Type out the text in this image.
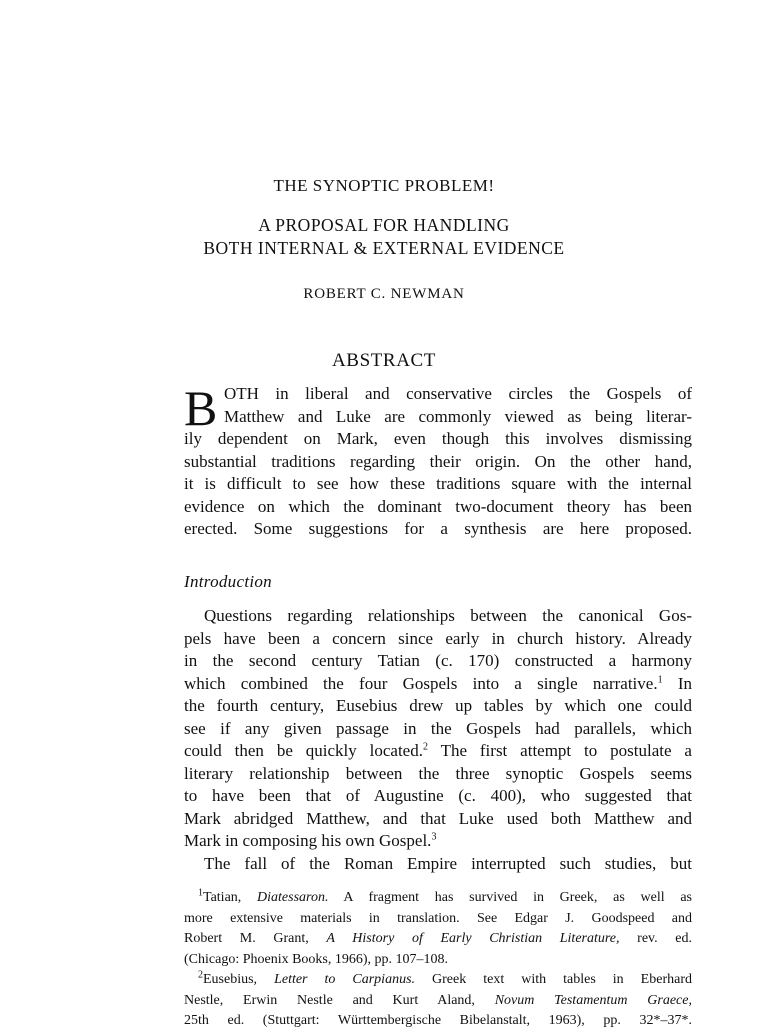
THE SYNOPTIC PROBLEM!
A PROPOSAL FOR HANDLING
BOTH INTERNAL & EXTERNAL EVIDENCE
ROBERT C. NEWMAN
ABSTRACT
B OTH in liberal and conservative circles the Gospels of
Matthew and Luke are commonly viewed as being literar-
ily dependent on Mark, even though this involves dismissing
substantial traditions regarding their origin. On the other hand,
it is difficult to see how these traditions square with the internal
evidence on which the dominant two-document theory has been
erected. Some suggestions for a synthesis are here proposed.
Introduction
Questions regarding relationships between the canonical Gos-
pels have been a concern since early in church history. Already
in the second century Tatian (c. 170) constructed a harmony
which combined the four Gospels into a single narrative.$^1$ In
the fourth century, Eusebius drew up tables by which one could
see if any given passage in the Gospels had parallels, which
could then be quickly located.$^2$ The first attempt to postulate a
literary relationship between the three synoptic Gospels seems
to have been that of Augustine (c. 400), who suggested that
Mark abridged Matthew, and that Luke used both Matthew and
Mark in composing his own Gospel.$^3$
The fall of the Roman Empire interrupted such studies, but
$^1$Tatian, Diatessaron. A fragment has survived in Greek, as well as
more extensive materials in translation. See Edgar J. Goodspeed and
Robert M. Grant, A History of Early Christian Literature, rev. ed.
(Chicago: Phoenix Books, 1966), pp. 107–108.
$^2$Eusebius, Letter to Carpianus. Greek text with tables in Eberhard
Nestle, Erwin Nestle and Kurt Aland, Novum Testamentum Graece,
25th ed. (Stuttgart: Württembergische Bibelanstalt, 1963), pp. 32*–37*.
